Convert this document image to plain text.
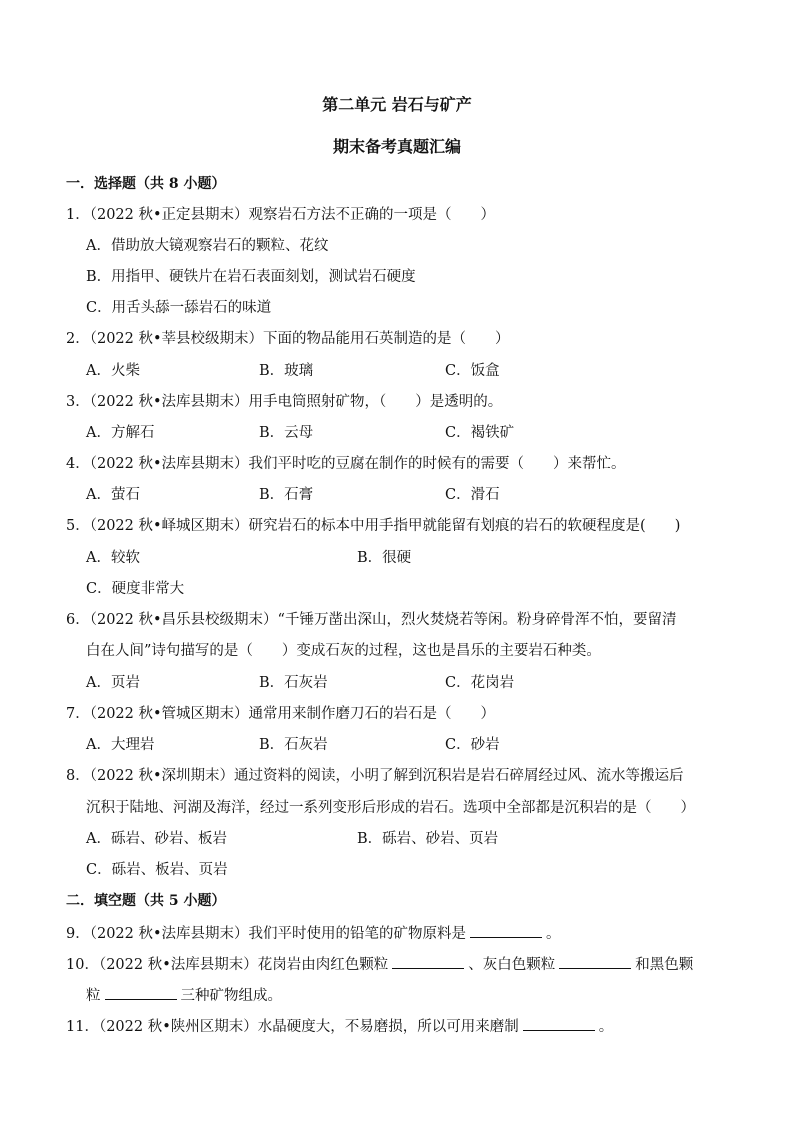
第二单元 岩石与矿产
期末备考真题汇编
一．选择题（共 8 小题）
1．（2022 秋•正定县期末）观察岩石方法不正确的一项是（　　）
A．借助放大镜观察岩石的颗粒、花纹
B．用指甲、硬铁片在岩石表面刻划，测试岩石硬度
C．用舌头舔一舔岩石的味道
2．（2022 秋•莘县校级期末）下面的物品能用石英制造的是（　　）
A．火柴	B．玻璃	C．饭盒
3．（2022 秋•法库县期末）用手电筒照射矿物，（　　）是透明的。
A．方解石	B．云母	C．褐铁矿
4．（2022 秋•法库县期末）我们平时吃的豆腐在制作的时候有的需要（　　）来帮忙。
A．萤石	B．石膏	C．滑石
5．（2022 秋•峄城区期末）研究岩石的标本中用手指甲就能留有划痕的岩石的软硬程度是(　　)
A．较软	B．很硬
C．硬度非常大
6．（2022 秋•昌乐县校级期末）“千锤万凿出深山，烈火焚烧若等闲。粉身碎骨浑不怕，要留清
白在人间”诗句描写的是（　　）变成石灰的过程，这也是昌乐的主要岩石种类。
A．页岩	B．石灰岩	C．花岗岩
7．（2022 秋•管城区期末）通常用来制作磨刀石的岩石是（　　）
A．大理岩	B．石灰岩	C．砂岩
8．（2022 秋•深圳期末）通过资料的阅读，小明了解到沉积岩是岩石碎屑经过风、流水等搬运后
沉积于陆地、河湖及海洋，经过一系列变形后形成的岩石。选项中全部都是沉积岩的是（　　）
A．砾岩、砂岩、板岩	B．砾岩、砂岩、页岩
C．砾岩、板岩、页岩
二．填空题（共 5 小题）
9．（2022 秋•法库县期末）我们平时使用的铅笔的矿物原料是	。
10．（2022 秋•法库县期末）花岗岩由肉红色颗粒	、灰白色颗粒	和黑色颗
粒	三种矿物组成。
11．（2022 秋•陕州区期末）水晶硬度大，不易磨损，所以可用来磨制	。
